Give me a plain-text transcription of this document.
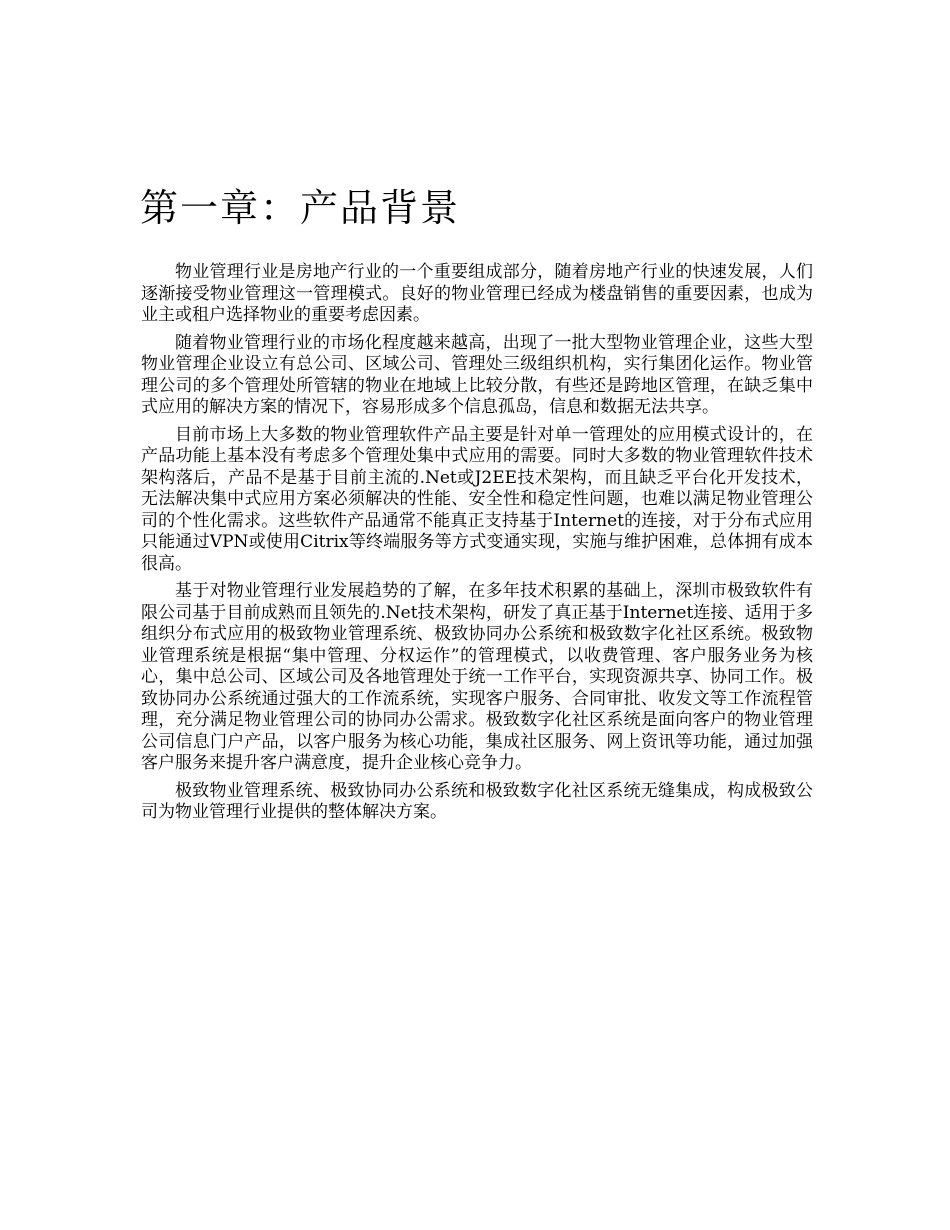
第一章：产品背景

物业管理行业是房地产行业的一个重要组成部分，随着房地产行业的快速发展，人们逐渐接受物业管理这一管理模式。良好的物业管理已经成为楼盘销售的重要因素，也成为业主或租户选择物业的重要考虑因素。

随着物业管理行业的市场化程度越来越高，出现了一批大型物业管理企业，这些大型物业管理企业设立有总公司、区域公司、管理处三级组织机构，实行集团化运作。物业管理公司的多个管理处所管辖的物业在地域上比较分散，有些还是跨地区管理，在缺乏集中式应用的解决方案的情况下，容易形成多个信息孤岛，信息和数据无法共享。

目前市场上大多数的物业管理软件产品主要是针对单一管理处的应用模式设计的，在产品功能上基本没有考虑多个管理处集中式应用的需要。同时大多数的物业管理软件技术架构落后，产品不是基于目前主流的.Net或J2EE技术架构，而且缺乏平台化开发技术，无法解决集中式应用方案必须解决的性能、安全性和稳定性问题，也难以满足物业管理公司的个性化需求。这些软件产品通常不能真正支持基于Internet的连接，对于分布式应用只能通过VPN或使用Citrix等终端服务等方式变通实现，实施与维护困难，总体拥有成本很高。

基于对物业管理行业发展趋势的了解，在多年技术积累的基础上，深圳市极致软件有限公司基于目前成熟而且领先的.Net技术架构，研发了真正基于Internet连接、适用于多组织分布式应用的极致物业管理系统、极致协同办公系统和极致数字化社区系统。极致物业管理系统是根据“集中管理、分权运作”的管理模式，以收费管理、客户服务业务为核心，集中总公司、区域公司及各地管理处于统一工作平台，实现资源共享、协同工作。极致协同办公系统通过强大的工作流系统，实现客户服务、合同审批、收发文等工作流程管理，充分满足物业管理公司的协同办公需求。极致数字化社区系统是面向客户的物业管理公司信息门户产品，以客户服务为核心功能，集成社区服务、网上资讯等功能，通过加强客户服务来提升客户满意度，提升企业核心竞争力。

极致物业管理系统、极致协同办公系统和极致数字化社区系统无缝集成，构成极致公司为物业管理行业提供的整体解决方案。
